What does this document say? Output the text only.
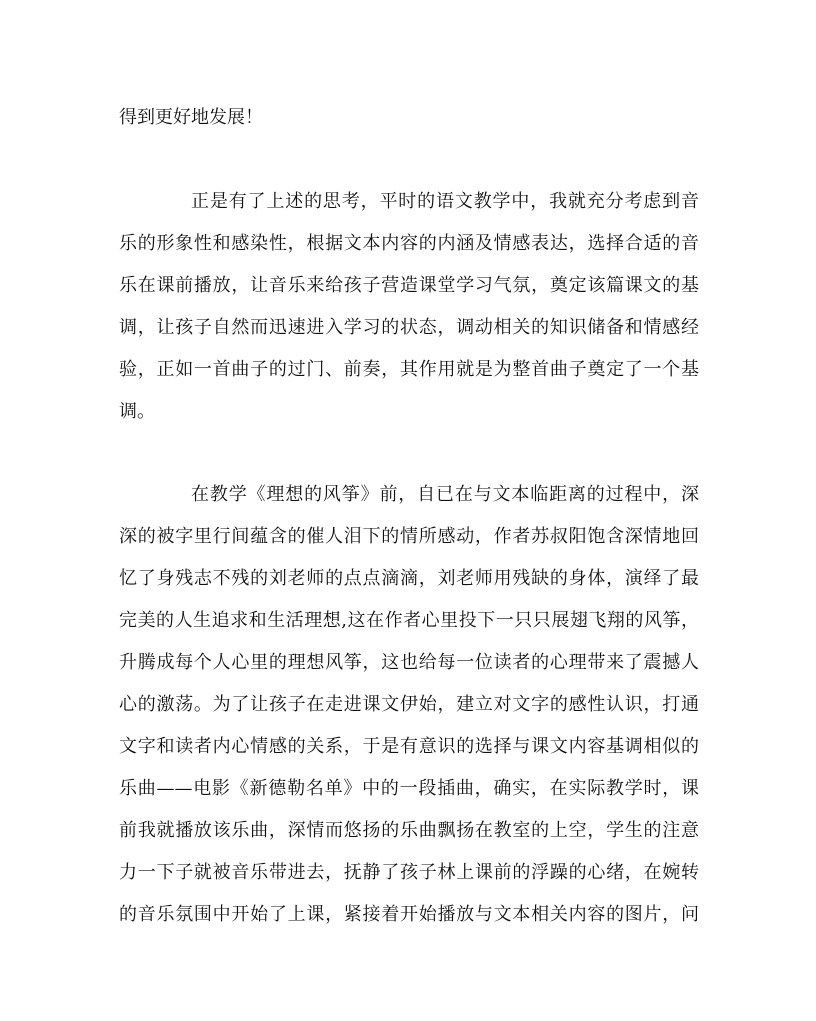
得到更好地发展！
正是有了上述的思考，平时的语文教学中，我就充分考虑到音
乐的形象性和感染性，根据文本内容的内涵及情感表达，选择合适的音
乐在课前播放，让音乐来给孩子营造课堂学习气氛，奠定该篇课文的基
调，让孩子自然而迅速进入学习的状态，调动相关的知识储备和情感经
验，正如一首曲子的过门、前奏，其作用就是为整首曲子奠定了一个基
调。
在教学《理想的风筝》前，自已在与文本临距离的过程中，深
深的被字里行间蕴含的催人泪下的情所感动，作者苏叔阳饱含深情地回
忆了身残志不残的刘老师的点点滴滴，刘老师用残缺的身体，演绎了最
完美的人生追求和生活理想,这在作者心里投下一只只展翅飞翔的风筝，
升腾成每个人心里的理想风筝，这也给每一位读者的心理带来了震撼人
心的激荡。为了让孩子在走进课文伊始，建立对文字的感性认识，打通
文字和读者内心情感的关系，于是有意识的选择与课文内容基调相似的
乐曲——电影《新德勒名单》中的一段插曲，确实，在实际教学时，课
前我就播放该乐曲，深情而悠扬的乐曲飘扬在教室的上空，学生的注意
力一下子就被音乐带进去，抚静了孩子林上课前的浮躁的心绪，在婉转
的音乐氛围中开始了上课，紧接着开始播放与文本相关内容的图片，问
